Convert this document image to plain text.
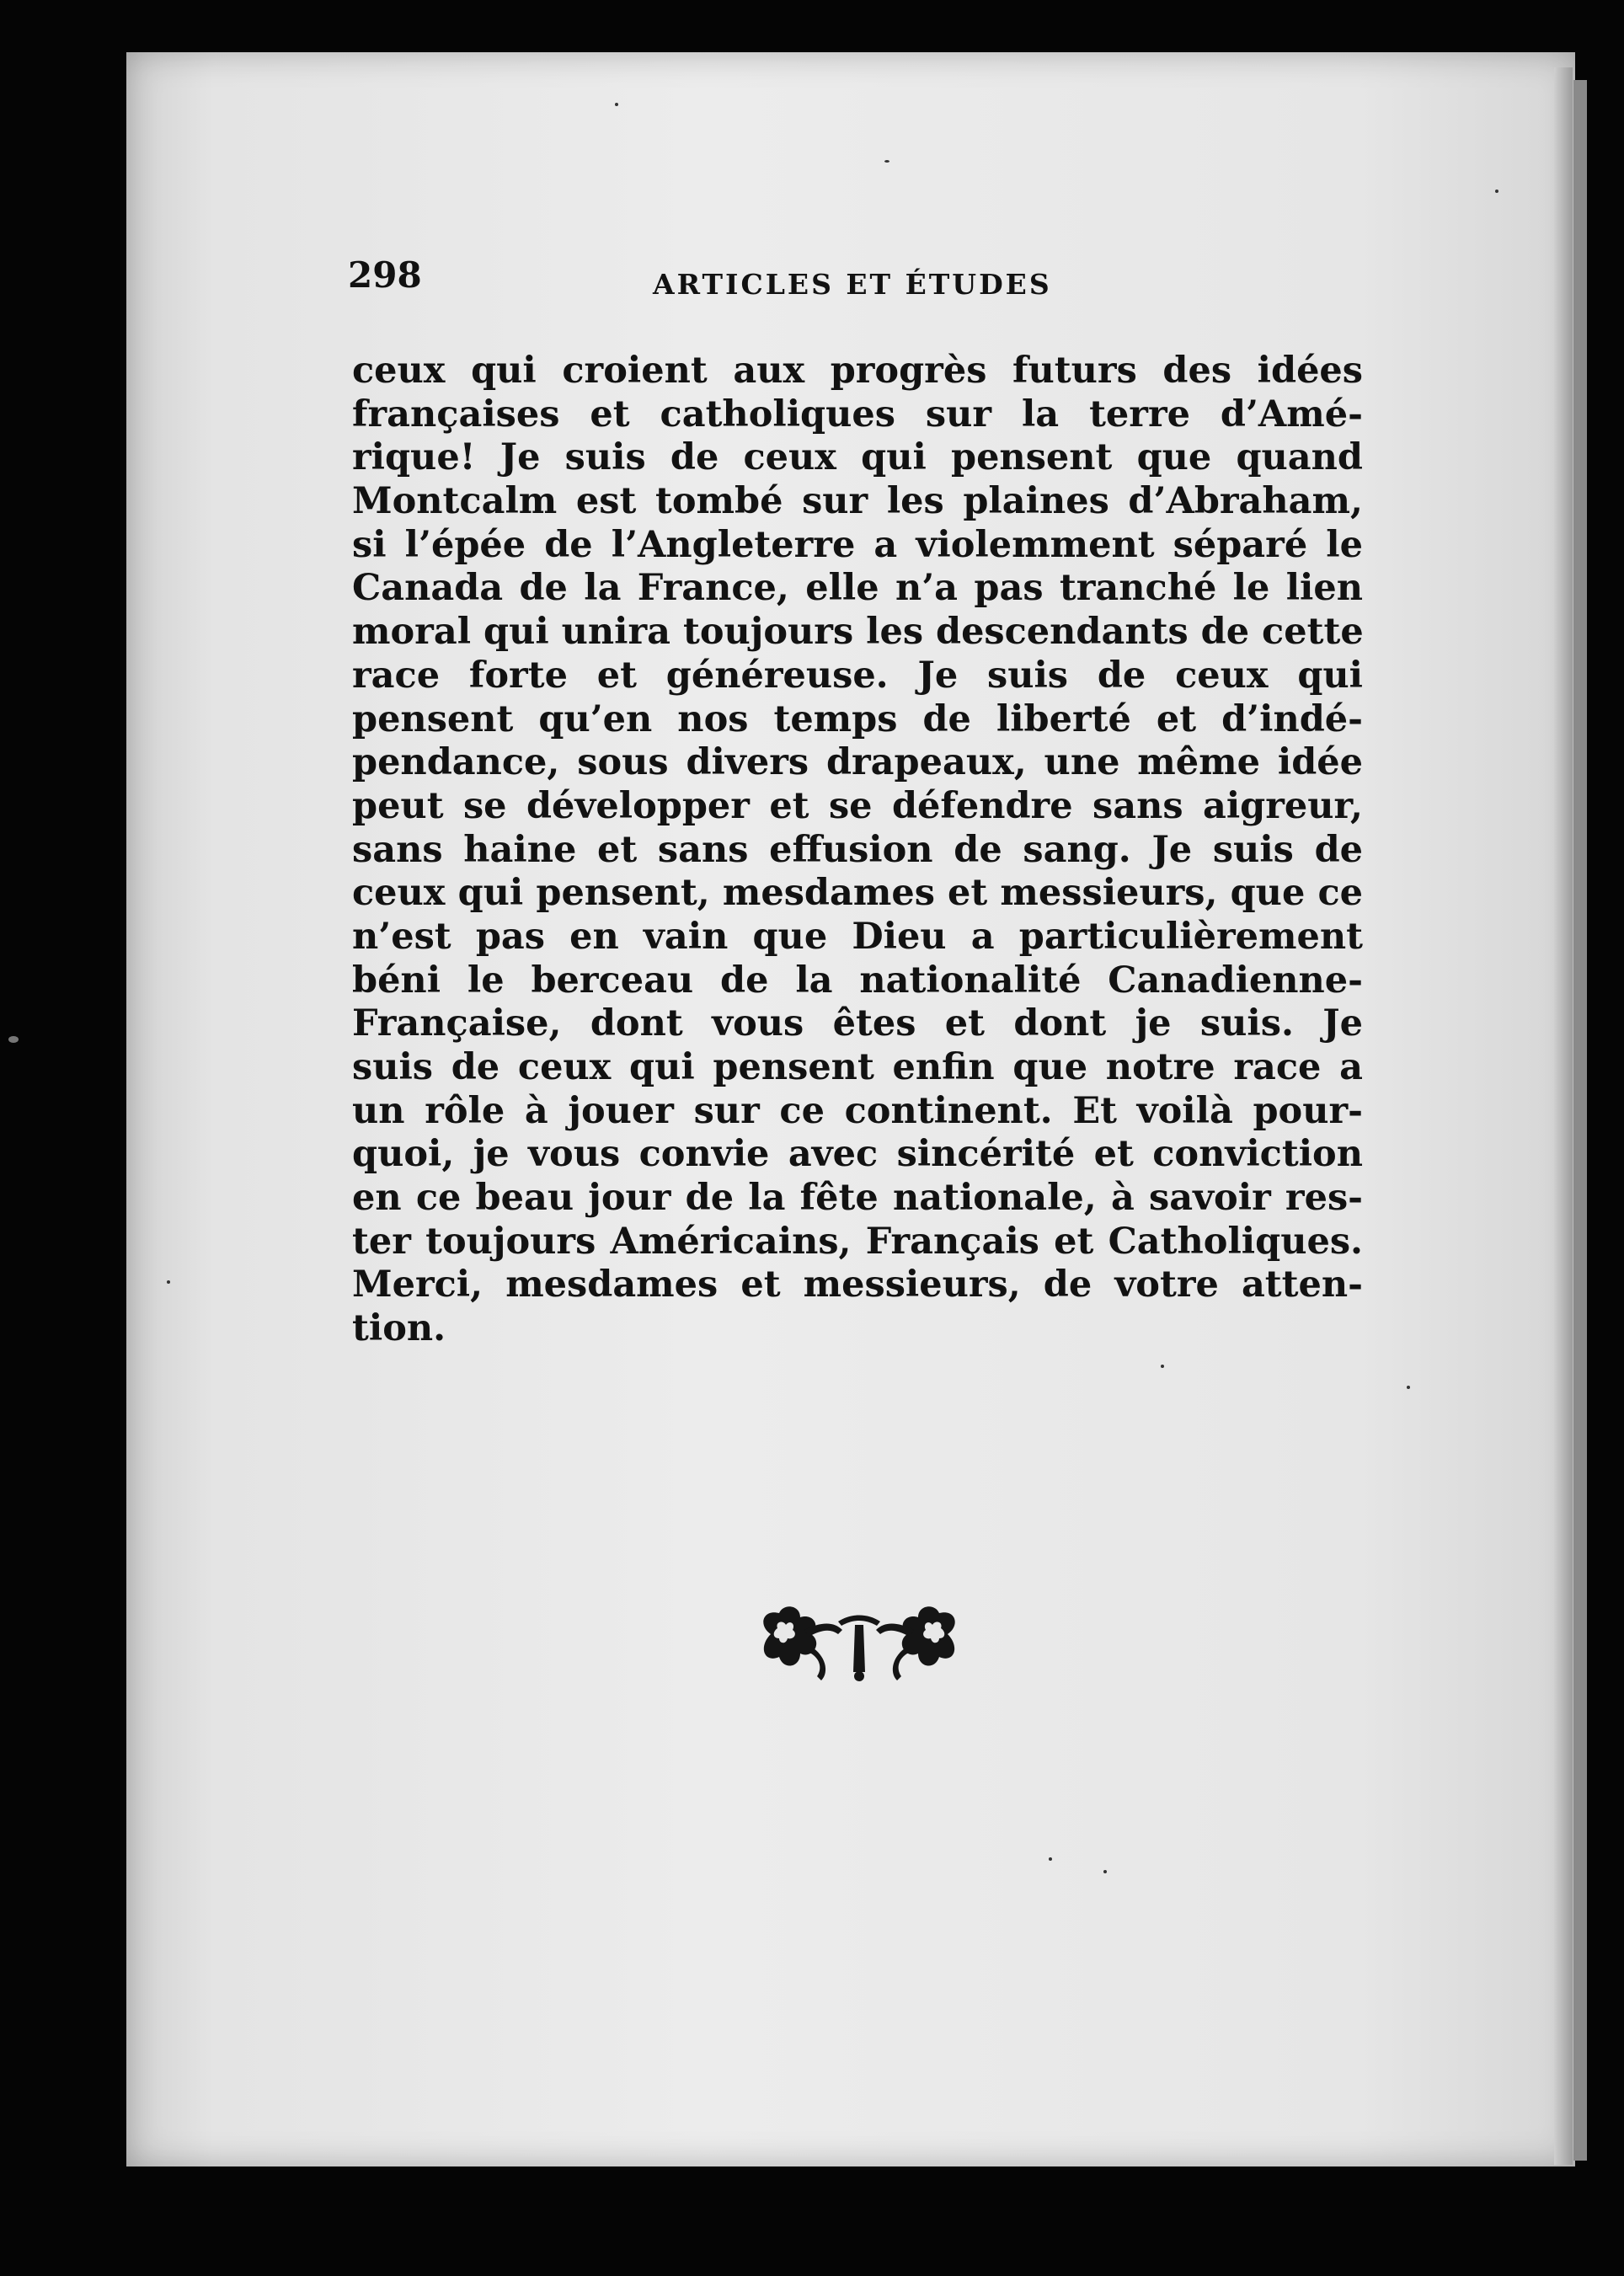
298	ARTICLES ET ÉTUDES

ceux qui croient aux progrès futurs des idées
françaises et catholiques sur la terre d’Amé-
rique! Je suis de ceux qui pensent que quand
Montcalm est tombé sur les plaines d’Abraham,
si l’épée de l’Angleterre a violemment séparé le
Canada de la France, elle n’a pas tranché le lien
moral qui unira toujours les descendants de cette
race forte et généreuse. Je suis de ceux qui
pensent qu’en nos temps de liberté et d’indé-
pendance, sous divers drapeaux, une même idée
peut se développer et se défendre sans aigreur,
sans haine et sans effusion de sang. Je suis de
ceux qui pensent, mesdames et messieurs, que ce
n’est pas en vain que Dieu a particulièrement
béni le berceau de la nationalité Canadienne-
Française, dont vous êtes et dont je suis. Je
suis de ceux qui pensent enfin que notre race a
un rôle à jouer sur ce continent. Et voilà pour-
quoi, je vous convie avec sincérité et conviction
en ce beau jour de la fête nationale, à savoir res-
ter toujours Américains, Français et Catholiques.
Merci, mesdames et messieurs, de votre atten-
tion.
